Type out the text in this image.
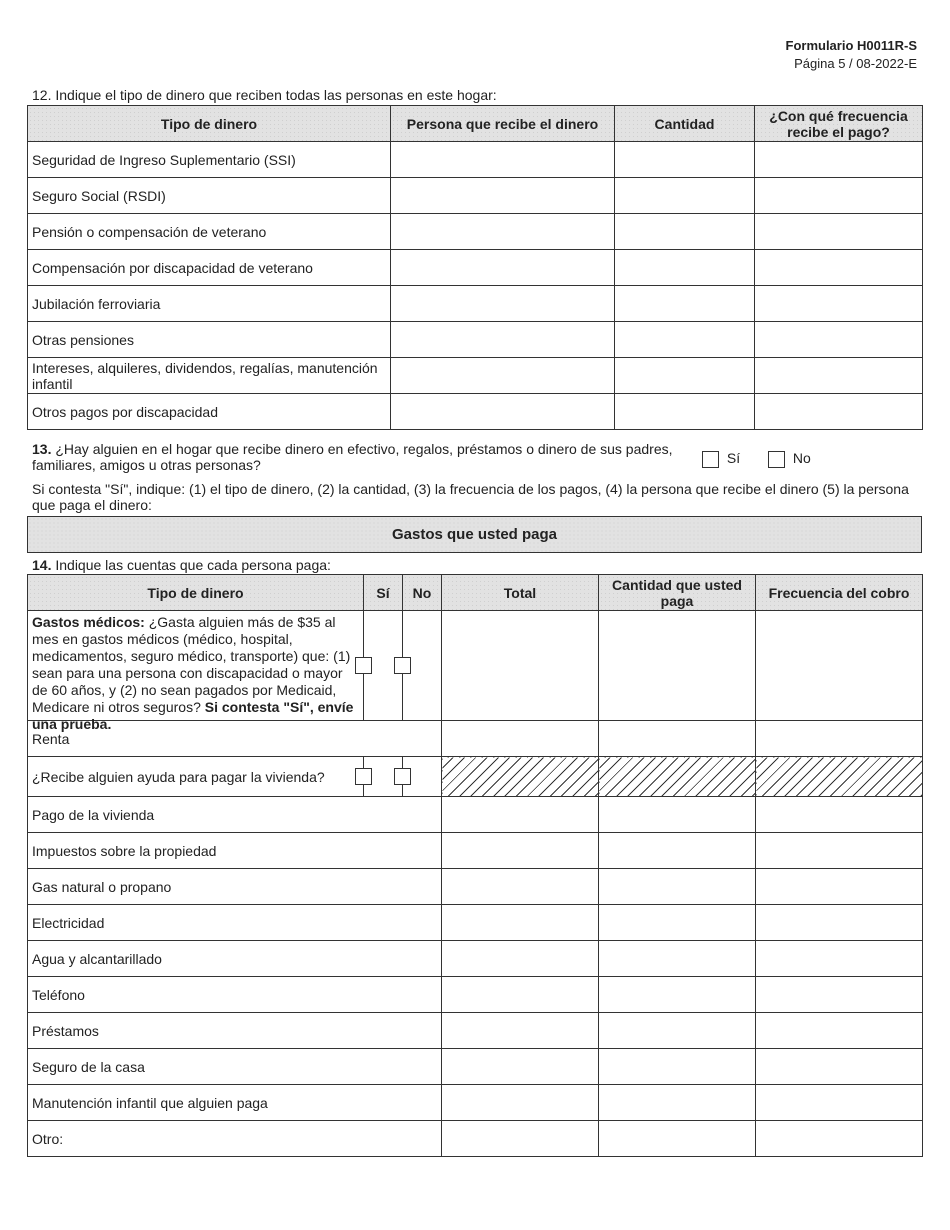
Formulario H0011R-S
Página 5 / 08-2022-E
12. Indique el tipo de dinero que reciben todas las personas en este hogar:
Tipo de dinero	Persona que recibe el dinero	Cantidad	¿Con qué frecuencia recibe el pago?
Seguridad de Ingreso Suplementario (SSI)			
Seguro Social (RSDI)			
Pensión o compensación de veterano			
Compensación por discapacidad de veterano			
Jubilación ferroviaria			
Otras pensiones			
Intereses, alquileres, dividendos, regalías, manutención infantil			
Otros pagos por discapacidad			
13. ¿Hay alguien en el hogar que recibe dinero en efectivo, regalos, préstamos o dinero de sus padres, familiares, amigos u otras personas?	Sí	No
Si contesta "Sí", indique: (1) el tipo de dinero, (2) la cantidad, (3) la frecuencia de los pagos, (4) la persona que recibe el dinero (5) la persona que paga el dinero:
Gastos que usted paga
14. Indique las cuentas que cada persona paga:
Tipo de dinero	Sí	No	Total	Cantidad que usted paga	Frecuencia del cobro

Gastos médicos: ¿Gasta alguien más de $35 al mes en gastos médicos (médico, hospital, medicamentos, seguro médico, transporte) que: (1) sean para una persona con discapacidad o mayor de 60 años, y (2) no sean pagados por Medicaid, Medicare ni otros seguros? Si contesta "Sí", envíe una prueba.

Renta			
¿Recibe alguien ayuda para pagar la vivienda?					
Pago de la vivienda			
Impuestos sobre la propiedad			
Gas natural o propano			
Electricidad			
Agua y alcantarillado			
Teléfono			
Préstamos			
Seguro de la casa			
Manutención infantil que alguien paga			
Otro:			
